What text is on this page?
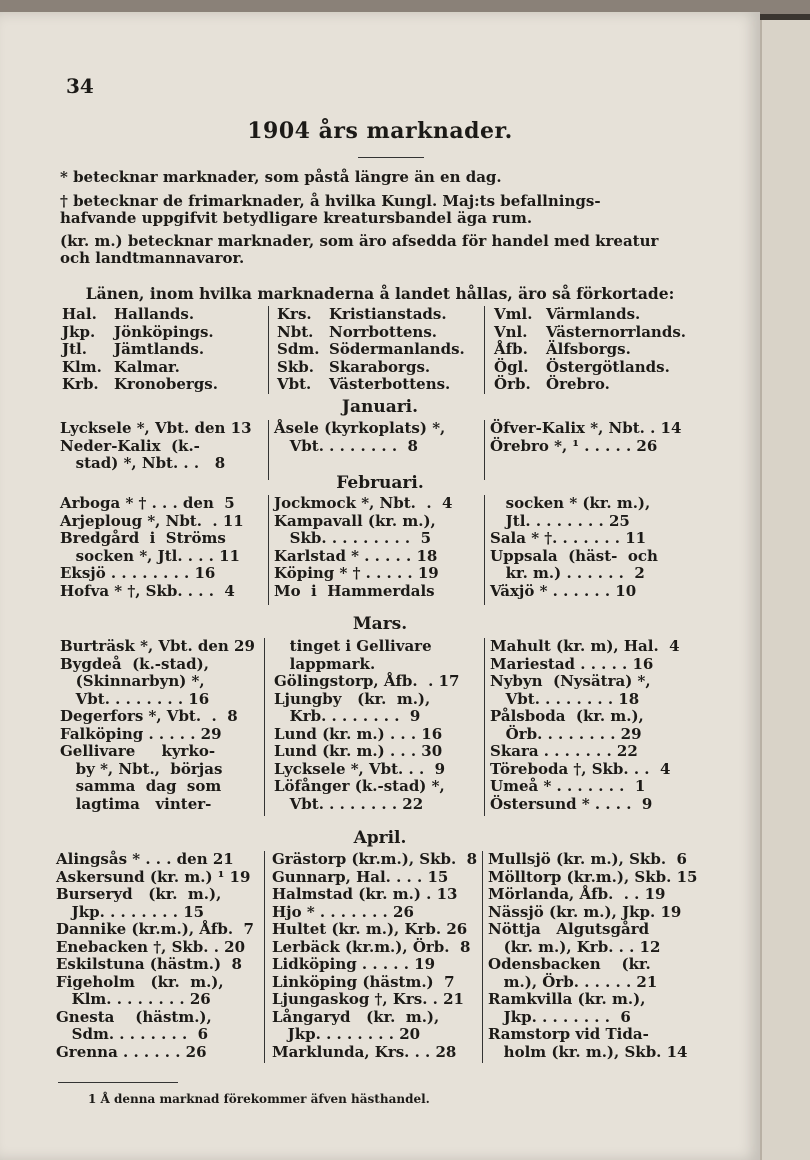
34
1904 års marknader.
* betecknar marknader, som påstå längre än en dag.
† betecknar de frimarknader, å hvilka Kungl. Maj:ts befallnings-
hafvande uppgifvit betydligare kreatursbandel äga rum.
(kr. m.) betecknar marknader, som äro afsedda för handel med kreatur
och landtmannavaror.
Länen, inom hvilka marknaderna å landet hållas, äro så förkortade:
Hal. Hallands.
Jkp. Jönköpings.
Jtl. Jämtlands.
Klm. Kalmar.
Krb. Kronobergs.
Krs. Kristianstads.
Nbt. Norrbottens.
Sdm. Södermanlands.
Skb. Skaraborgs.
Vbt. Västerbottens.
Vml. Värmlands.
Vnl. Västernorrlands.
Åfb. Älfsborgs.
Ögl. Östergötlands.
Örb. Örebro.
Januari.
Lycksele *, Vbt. den 13
Neder-Kalix  (k.-
stad) *, Nbt. . .   8
Åsele (kyrkoplats) *,
Vbt. . . . . . . .  8
Öfver-Kalix *, Nbt. . 14
Örebro *, ¹ . . . . . 26
Februari.
Arboga * † . . . den  5
Arjeploug *, Nbt.  . 11
Bredgård  i  Ströms
socken *, Jtl. . . . 11
Eksjö . . . . . . . . 16
Hofva * †, Skb. . . .  4
Jockmock *, Nbt.  .  4
Kampavall (kr. m.),
Skb. . . . . . . . .  5
Karlstad * . . . . . 18
Köping * † . . . . . 19
Mo  i  Hammerdals
socken * (kr. m.),
Jtl. . . . . . . . 25
Sala * †. . . . . . . 11
Uppsala  (häst-  och
kr. m.) . . . . . .  2
Växjö * . . . . . . 10
Mars.
Burträsk *, Vbt. den 29
Bygdeå  (k.-stad),
(Skinnarbyn) *,
Vbt. . . . . . . . 16
Degerfors *, Vbt.  .  8
Falköping . . . . . 29
Gellivare     kyrko-
by *, Nbt.,  börjas
samma  dag  som
lagtima   vinter-
tinget i Gellivare
lappmark.
Gölingstorp, Åfb.  . 17
Ljungby   (kr.  m.),
Krb. . . . . . . .  9
Lund (kr. m.) . . . 16
Lund (kr. m.) . . . 30
Lycksele *, Vbt. . .  9
Löfånger (k.-stad) *,
Vbt. . . . . . . . 22
Mahult (kr. m), Hal.  4
Mariestad . . . . . 16
Nybyn  (Nysätra) *,
Vbt. . . . . . . . 18
Pålsboda  (kr. m.),
Örb. . . . . . . . 29
Skara . . . . . . . 22
Töreboda †, Skb. . .  4
Umeå * . . . . . . .  1
Östersund * . . . .  9
April.
Alingsås * . . . den 21
Askersund (kr. m.) ¹ 19
Burseryd   (kr.  m.),
Jkp. . . . . . . . 15
Dannike (kr.m.), Åfb.  7
Enebacken †, Skb. . 20
Eskilstuna (hästm.)  8
Figeholm   (kr.  m.),
Klm. . . . . . . . 26
Gnesta    (hästm.),
Sdm. . . . . . . .  6
Grenna . . . . . . 26
Grästorp (kr.m.), Skb.  8
Gunnarp, Hal. . . . 15
Halmstad (kr. m.) . 13
Hjo * . . . . . . . 26
Hultet (kr. m.), Krb. 26
Lerbäck (kr.m.), Örb.  8
Lidköping . . . . . 19
Linköping (hästm.)  7
Ljungaskog †, Krs. . 21
Långaryd   (kr.  m.),
Jkp. . . . . . . . 20
Marklunda, Krs. . . 28
Mullsjö (kr. m.), Skb.  6
Mölltorp (kr.m.), Skb. 15
Mörlanda, Åfb.  . . 19
Nässjö (kr. m.), Jkp. 19
Nöttja   Algutsgård
(kr. m.), Krb. . . 12
Odensbacken    (kr.
m.), Örb. . . . . . 21
Ramkvilla (kr. m.),
Jkp. . . . . . . .  6
Ramstorp vid Tida-
holm (kr. m.), Skb. 14
1 Å denna marknad förekommer äfven hästhandel.
